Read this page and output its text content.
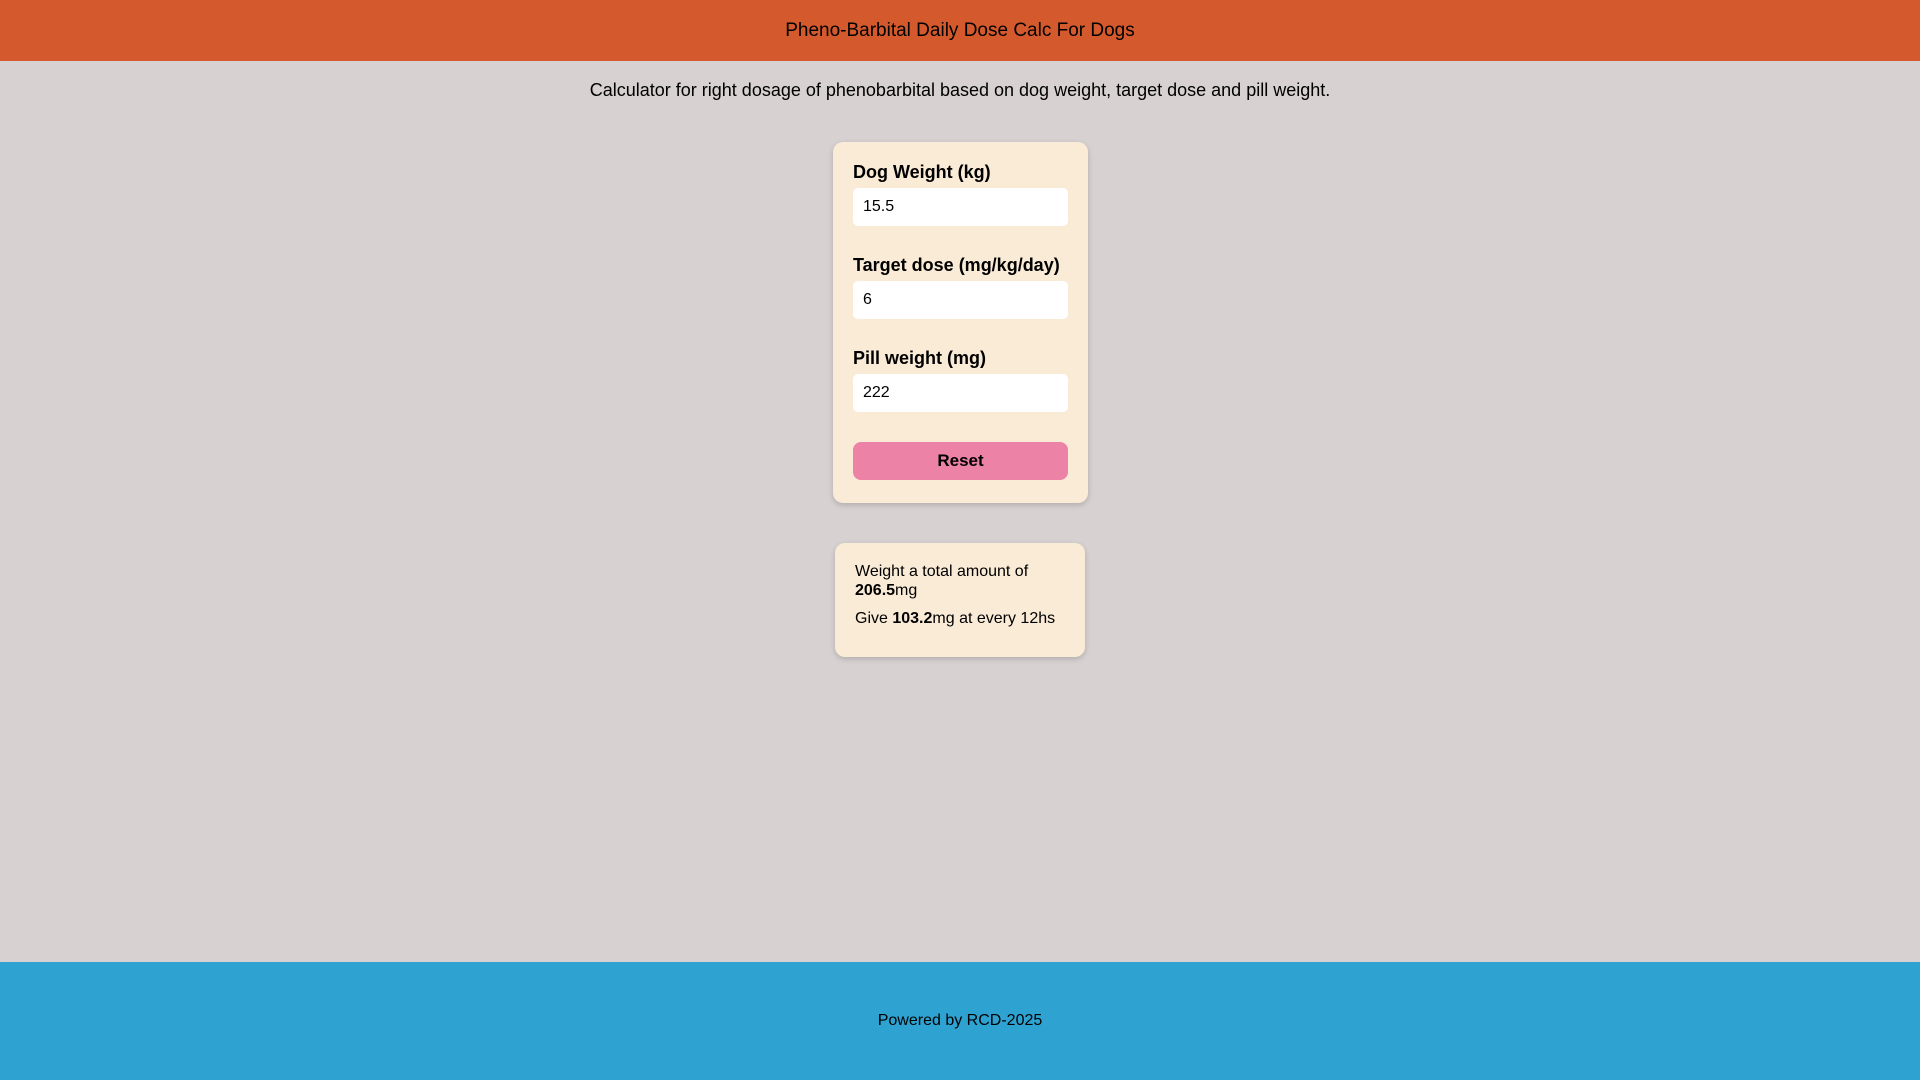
Pheno-Barbital Daily Dose Calc For Dogs
Calculator for right dosage of phenobarbital based on dog weight, target dose and pill weight.
Dog Weight (kg)
15.5
Target dose (mg/kg/day)
6
Pill weight (mg)
222
Reset

Weight a total amount of 206.5mg

Give 103.2mg at every 12hs

Powered by RCD-2025
